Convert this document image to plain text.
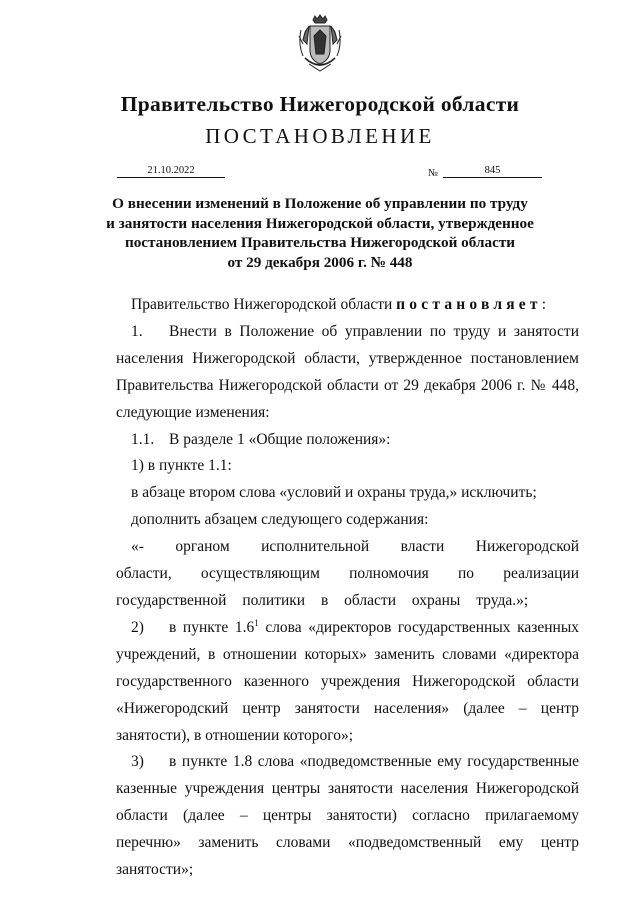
Правительство Нижегородской области
ПОСТАНОВЛЕНИЕ
21.10.2022	№	845
О внесении изменений в Положение об управлении по труду
и занятости населения Нижегородской области, утвержденное
постановлением Правительства Нижегородской области
от 29 декабря 2006 г. № 448

Правительство Нижегородской области постановляет:

1. Внести в Положение об управлении по труду и занятости населения Нижегородской области, утвержденное постановлением Правительства Нижегородской области от 29 декабря 2006 г. № 448, следующие изменения:

1.1. В разделе 1 «Общие положения»:

1) в пункте 1.1:

в абзаце втором слова «условий и охраны труда,» исключить;

дополнить абзацем следующего содержания:

«- органом исполнительной власти Нижегородской области, осуществляющим полномочия по реализации государственной политики в области охраны труда.»;

2) в пункте $1.6^1$ слова «директоров государственных казенных учреждений, в отношении которых» заменить словами «директора государственного казенного учреждения Нижегородской области «Нижегородский центр занятости населения» (далее – центр занятости), в отношении которого»;

3) в пункте 1.8 слова «подведомственные ему государственные казенные учреждения центры занятости населения Нижегородской области (далее – центры занятости) согласно прилагаемому перечню» заменить словами «подведомственный ему центр занятости»;
